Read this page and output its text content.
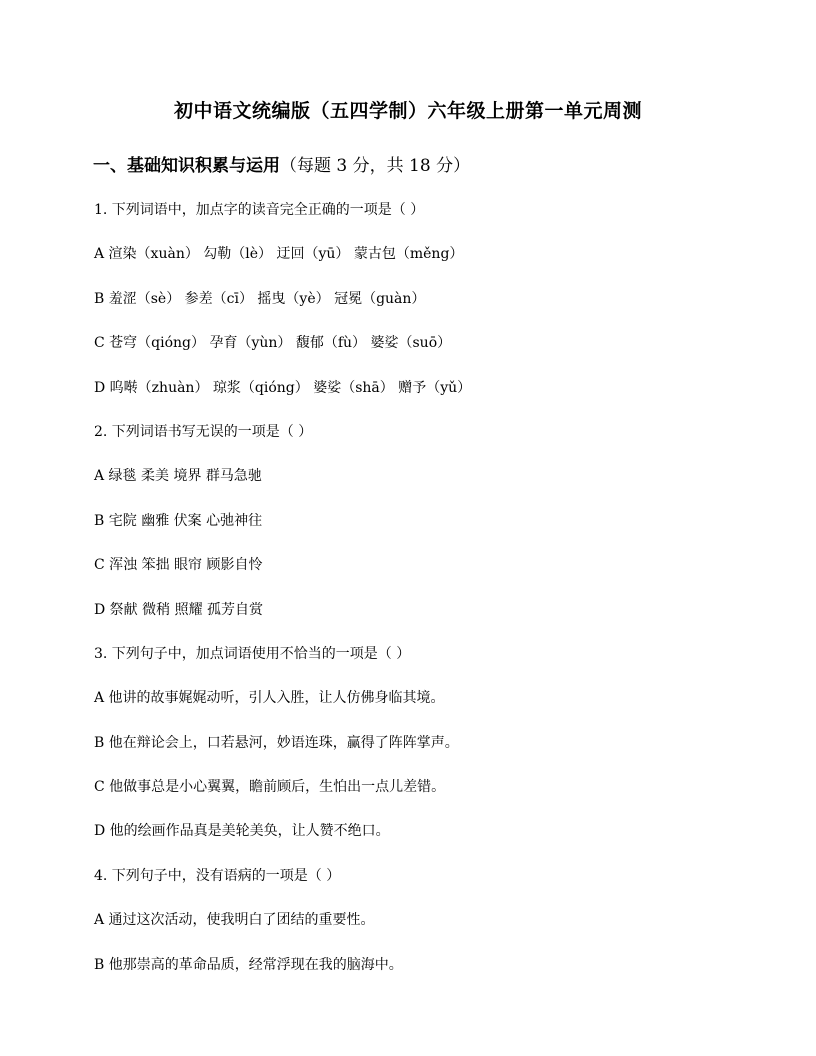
初中语文统编版（五四学制）六年级上册第一单元周测
一、基础知识积累与运用（每题 3 分，共 18 分）
1. 下列词语中，加点字的读音完全正确的一项是（ ）
A 渲染（xuàn） 勾勒（lè） 迂回（yū） 蒙古包（měng）
B 羞涩（sè） 参差（cī） 摇曳（yè） 冠冕（guàn）
C 苍穹（qióng） 孕育（yùn） 馥郁（fù） 婆娑（suō）
D 呜啭（zhuàn） 琼浆（qióng） 婆娑（shā） 赠予（yǔ）
2. 下列词语书写无误的一项是（ ）
A 绿毯 柔美 境界 群马急驰
B 宅院 幽雅 伏案 心弛神往
C 浑浊 笨拙 眼帘 顾影自怜
D 祭献 微稍 照耀 孤芳自赏
3. 下列句子中，加点词语使用不恰当的一项是（ ）
A 他讲的故事娓娓动听，引人入胜，让人仿佛身临其境。
B 他在辩论会上，口若悬河，妙语连珠，赢得了阵阵掌声。
C 他做事总是小心翼翼，瞻前顾后，生怕出一点儿差错。
D 他的绘画作品真是美轮美奂，让人赞不绝口。
4. 下列句子中，没有语病的一项是（ ）
A 通过这次活动，使我明白了团结的重要性。
B 他那崇高的革命品质，经常浮现在我的脑海中。
